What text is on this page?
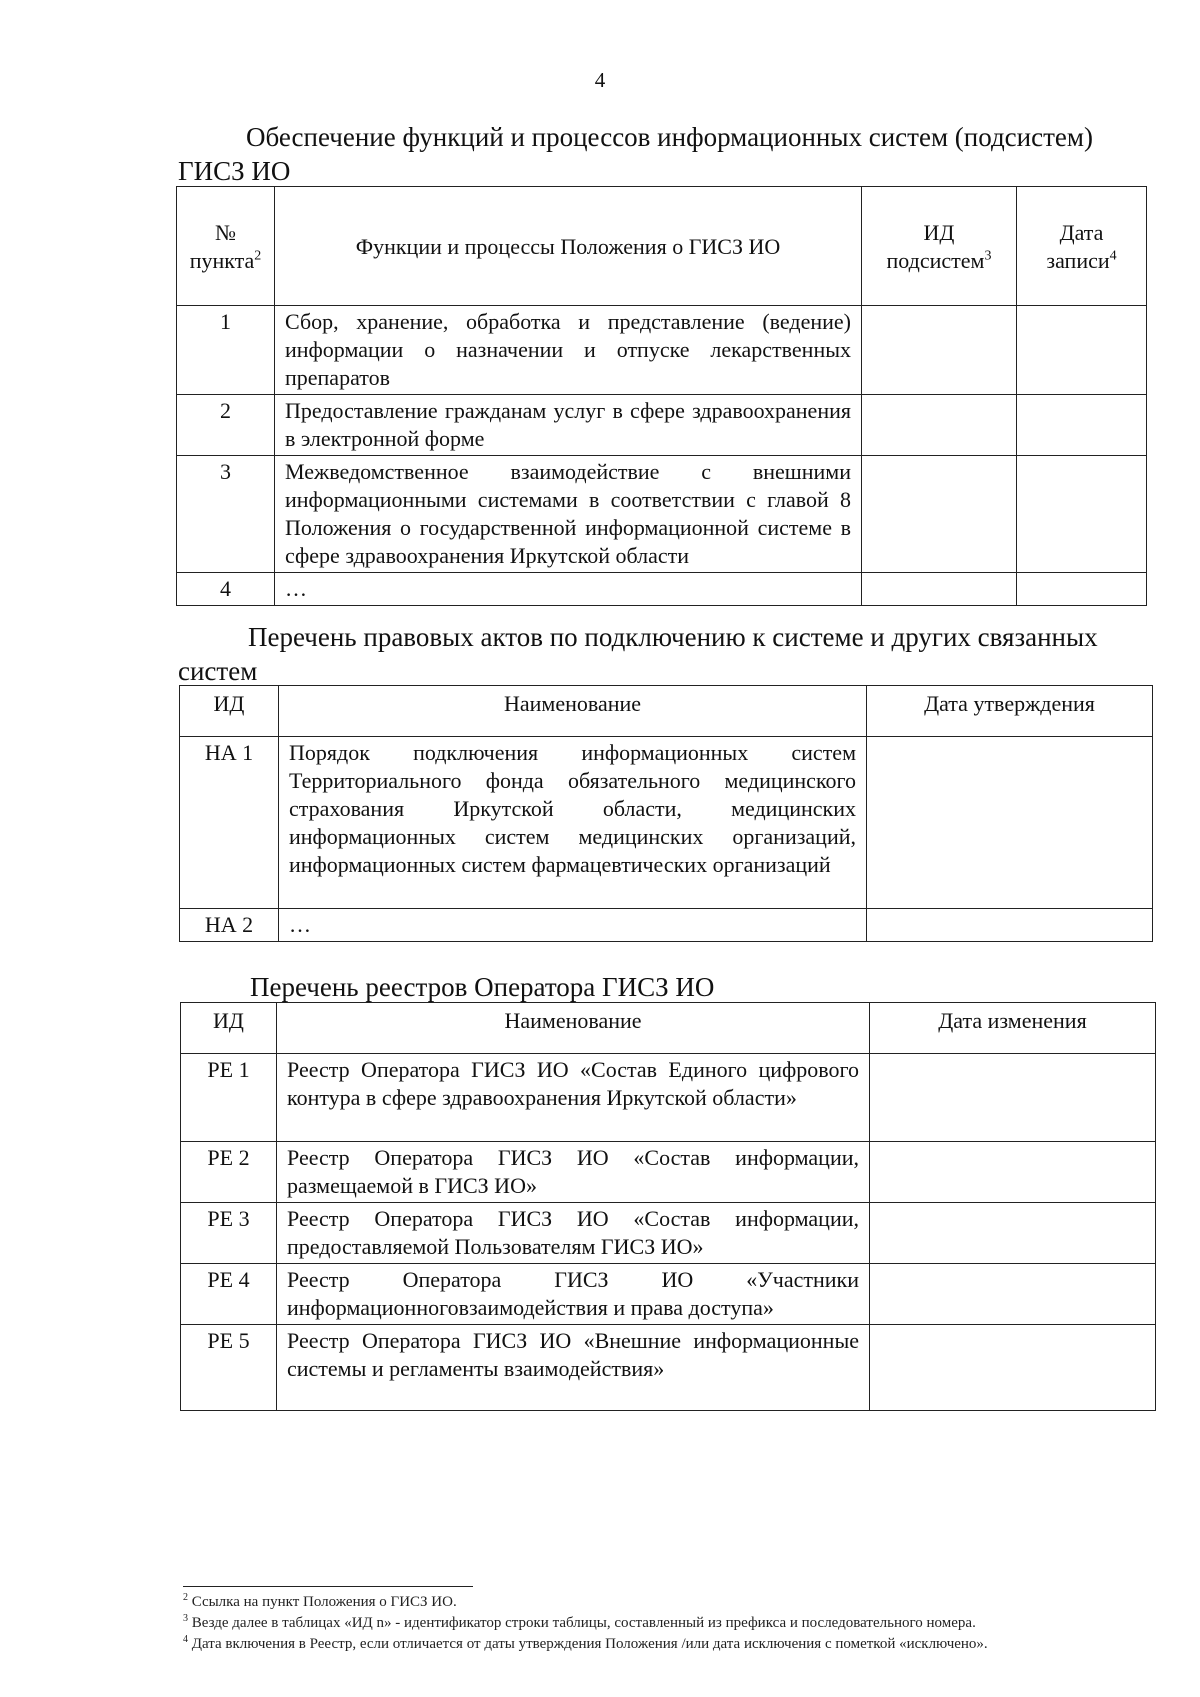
4
Обеспечение функций и процессов информационных систем (подсистем)
ГИСЗ ИО
№ пункта$^2$	Функции и процессы Положения о ГИСЗ ИО	ИД подсистем$^3$	Дата записи$^4$
1	Сбор, хранение, обработка и представление (ведение) информации о назначении и отпуске лекарственных препаратов		
2	Предоставление гражданам услуг в сфере здравоохранения в электронной форме		
3	Межведомственное взаимодействие с внешними информационными системами в соответствии с главой 8 Положения о государственной информационной системе в сфере здравоохранения Иркутской области		
4	…		
Перечень правовых актов по подключению к системе и других связанных
систем
ИД	Наименование	Дата утверждения
НА 1	Порядок подключения информационных систем Территориального фонда обязательного медицинского страхования Иркутской области, медицинских информационных систем медицинских организаций, информационных систем фармацевтических организаций	
НА 2	…	
Перечень реестров Оператора ГИСЗ ИО
ИД	Наименование	Дата изменения
РЕ 1	Реестр Оператора ГИСЗ ИО «Состав Единого цифрового контура в сфере здравоохранения Иркутской области»	
РЕ 2	Реестр Оператора ГИСЗ ИО «Состав информации, размещаемой в ГИСЗ ИО»	
РЕ 3	Реестр Оператора ГИСЗ ИО «Состав информации, предоставляемой Пользователям ГИСЗ ИО»	
РЕ 4	Реестр Оператора ГИСЗ ИО «Участники информационноговзаимодействия и права доступа»	
РЕ 5	Реестр Оператора ГИСЗ ИО «Внешние информационные системы и регламенты взаимодействия»	
$^2$ Ссылка на пункт Положения о ГИСЗ ИО.
$^3$ Везде далее в таблицах «ИД n» - идентификатор строки таблицы, составленный из префикса и последовательного номера.
$^4$ Дата включения в Реестр, если отличается от даты утверждения Положения /или дата исключения с пометкой «исключено».
